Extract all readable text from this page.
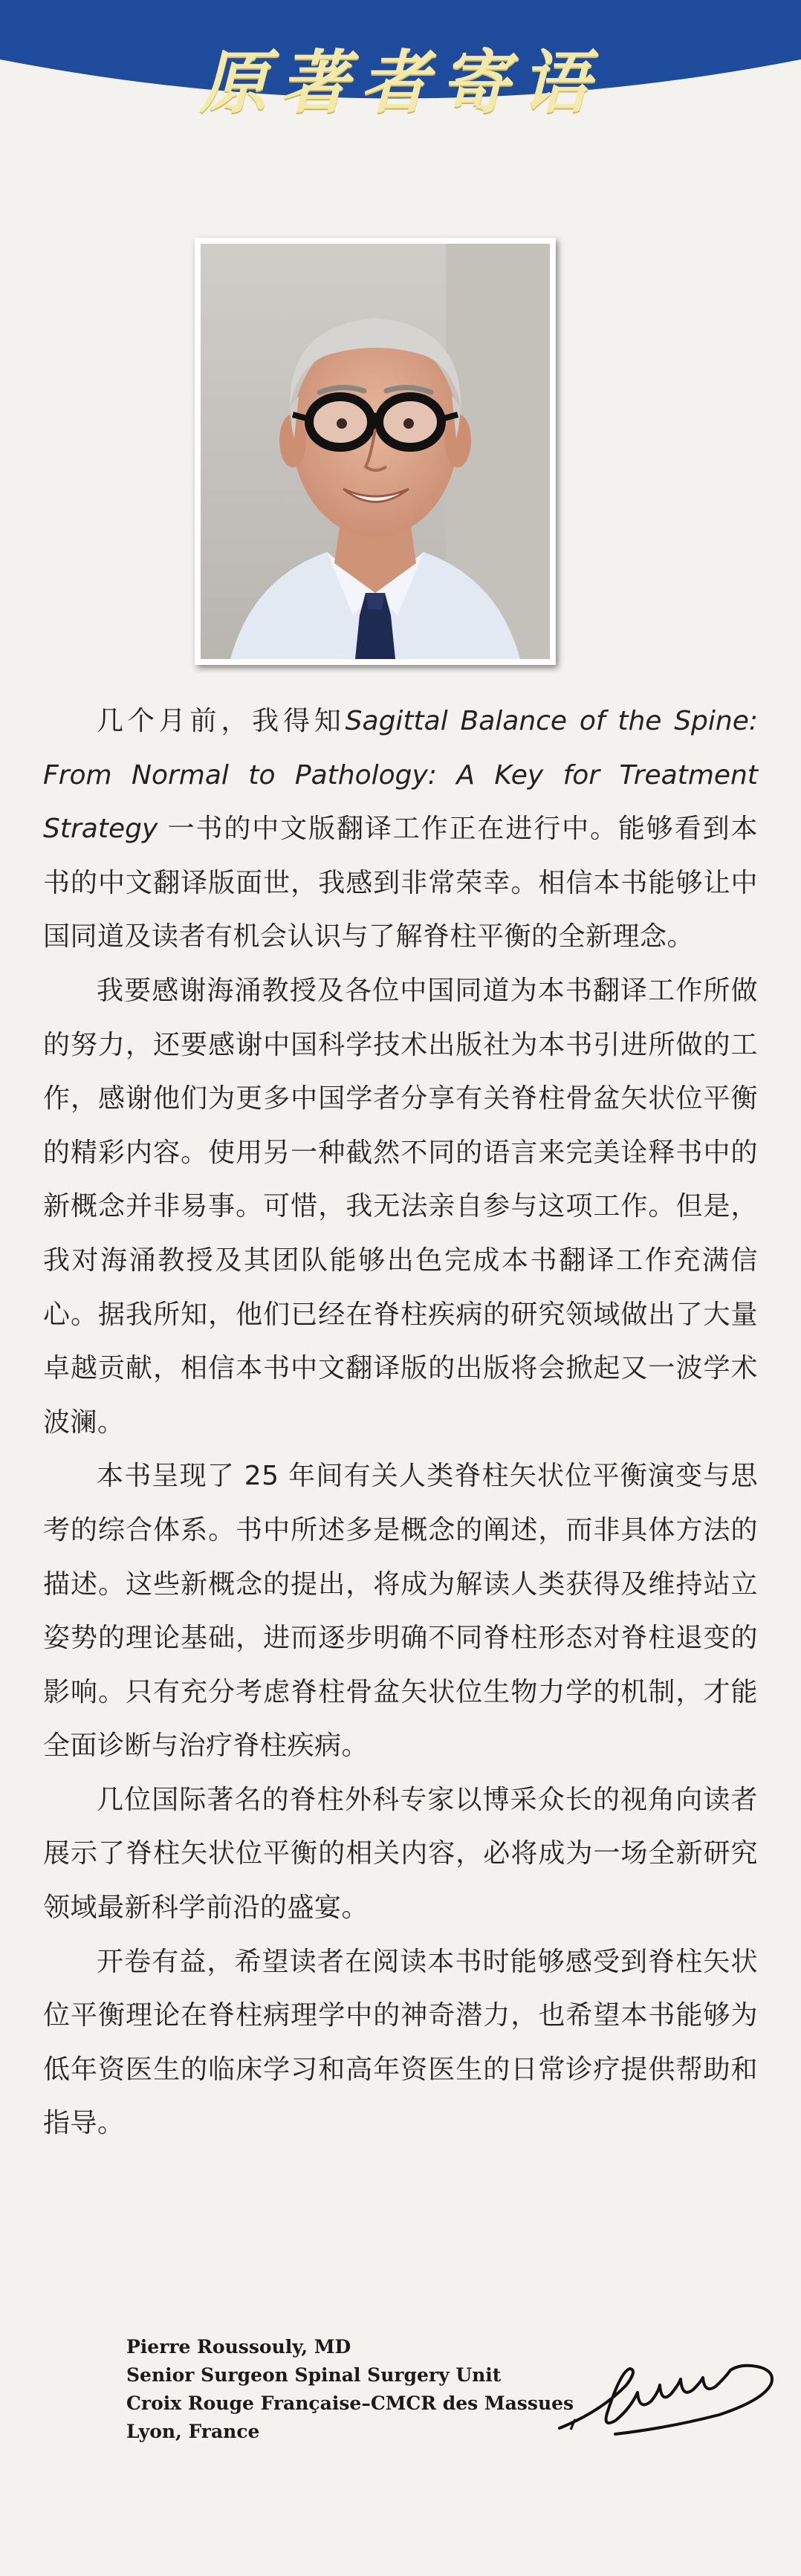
原著者寄语

几个月前，我得知Sagittal Balance of the Spine: From Normal to Pathology: A Key for Treatment Strategy 一书的中文版翻译工作正在进行中。能够看到本书的中文翻译版面世，我感到非常荣幸。相信本书能够让中国同道及读者有机会认识与了解脊柱平衡的全新理念。

我要感谢海涌教授及各位中国同道为本书翻译工作所做的努力，还要感谢中国科学技术出版社为本书引进所做的工作，感谢他们为更多中国学者分享有关脊柱骨盆矢状位平衡的精彩内容。使用另一种截然不同的语言来完美诠释书中的新概念并非易事。可惜，我无法亲自参与这项工作。但是，我对海涌教授及其团队能够出色完成本书翻译工作充满信心。据我所知，他们已经在脊柱疾病的研究领域做出了大量卓越贡献，相信本书中文翻译版的出版将会掀起又一波学术波澜。

本书呈现了 25 年间有关人类脊柱矢状位平衡演变与思考的综合体系。书中所述多是概念的阐述，而非具体方法的描述。这些新概念的提出，将成为解读人类获得及维持站立姿势的理论基础，进而逐步明确不同脊柱形态对脊柱退变的影响。只有充分考虑脊柱骨盆矢状位生物力学的机制，才能全面诊断与治疗脊柱疾病。

几位国际著名的脊柱外科专家以博采众长的视角向读者展示了脊柱矢状位平衡的相关内容，必将成为一场全新研究领域最新科学前沿的盛宴。

开卷有益，希望读者在阅读本书时能够感受到脊柱矢状位平衡理论在脊柱病理学中的神奇潜力，也希望本书能够为低年资医生的临床学习和高年资医生的日常诊疗提供帮助和指导。

Pierre Roussouly, MD
Senior Surgeon Spinal Surgery Unit
Croix Rouge Française–CMCR des Massues
Lyon, France
